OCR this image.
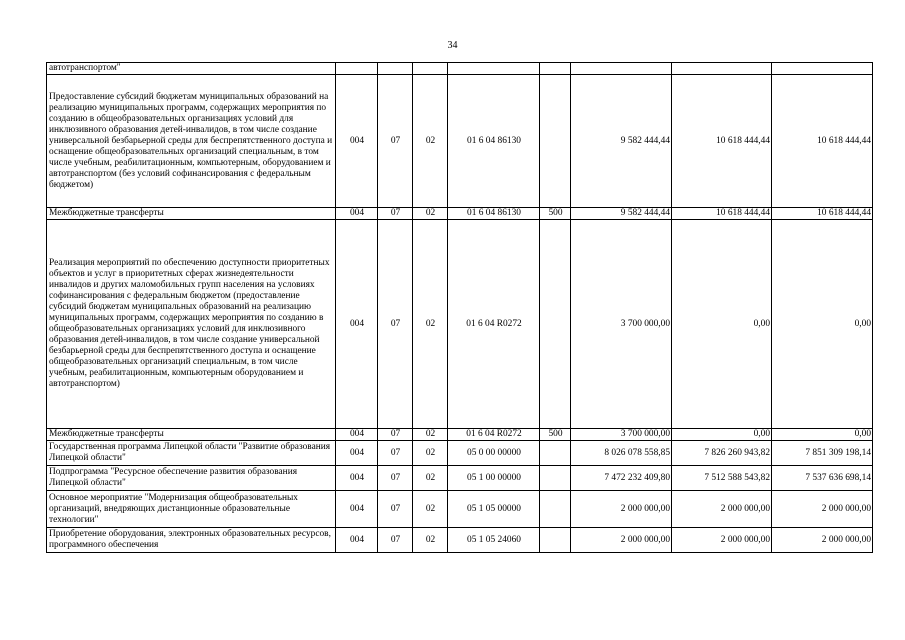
34
автотранспортом"								
Предоставление субсидий бюджетам муниципальных образований на реализацию муниципальных программ, содержащих мероприятия по созданию в общеобразовательных организациях условий для инклюзивного образования детей-инвалидов, в том числе создание универсальной безбарьерной среды для беспрепятственного доступа и оснащение общеобразовательных организаций специальным, в том числе учебным, реабилитационным, компьютерным, оборудованием и автотранспортом (без условий софинансирования с федеральным бюджетом)	004	07	02	01 6 04 86130		9 582 444,44	10 618 444,44	10 618 444,44
Межбюджетные трансферты	004	07	02	01 6 04 86130	500	9 582 444,44	10 618 444,44	10 618 444,44
Реализация мероприятий по обеспечению доступности приоритетных объектов и услуг в приоритетных сферах жизнедеятельности инвалидов и других маломобильных групп населения на условиях софинансирования с федеральным бюджетом (предоставление субсидий бюджетам муниципальных образований на реализацию муниципальных программ, содержащих мероприятия по созданию в общеобразовательных организациях условий для инклюзивного образования детей-инвалидов, в том числе создание универсальной безбарьерной среды для беспрепятственного доступа и оснащение общеобразовательных организаций специальным, в том числе учебным, реабилитационным, компьютерным оборудованием и автотранспортом)	004	07	02	01 6 04 R0272		3 700 000,00	0,00	0,00
Межбюджетные трансферты	004	07	02	01 6 04 R0272	500	3 700 000,00	0,00	0,00
Государственная программа Липецкой области "Развитие образования Липецкой области"	004	07	02	05 0 00 00000		8 026 078 558,85	7 826 260 943,82	7 851 309 198,14
Подпрограмма "Ресурсное обеспечение развития образования Липецкой области"	004	07	02	05 1 00 00000		7 472 232 409,80	7 512 588 543,82	7 537 636 698,14
Основное мероприятие "Модернизация общеобразовательных организаций, внедряющих дистанционные образовательные технологии"	004	07	02	05 1 05 00000		2 000 000,00	2 000 000,00	2 000 000,00
Приобретение оборудования, электронных образовательных ресурсов, программного обеспечения	004	07	02	05 1 05 24060		2 000 000,00	2 000 000,00	2 000 000,00
